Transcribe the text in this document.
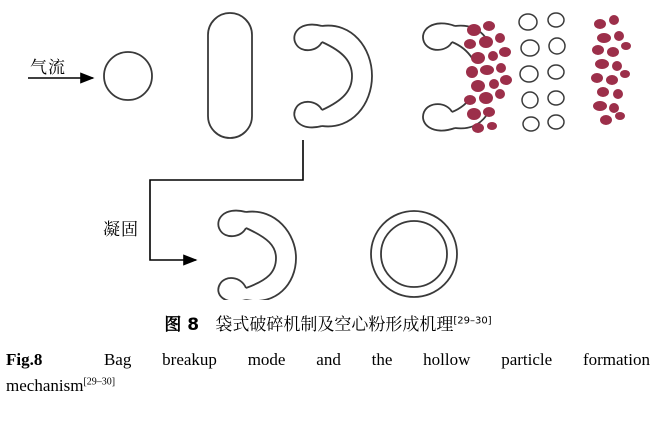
气流
凝固
图 8 袋式破碎机制及空心粉形成机理[29–30]
Fig.8	Bag breakup mode and the hollow particle formation
mechanism[29–30]
